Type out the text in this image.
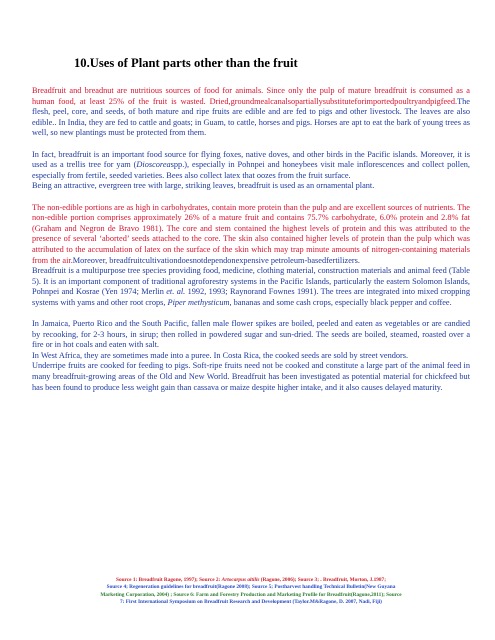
10.Uses of Plant parts other than the fruit

Breadfruit and breadnut are nutritious sources of food for animals. Since only the pulp of mature breadfruit is consumed as a human food, at least 25% of the fruit is wasted. Dried,groundmealcanalsopartiallysubstituteforimportedpoultryandpigfeed.The flesh, peel, core, and seeds, of both mature and ripe fruits are edible and are fed to pigs and other livestock. The leaves are also edible.. In India, they are fed to cattle and goats; in Guam, to cattle, horses and pigs. Horses are apt to eat the bark of young trees as well, so new plantings must be protected from them.

In fact, breadfruit is an important food source for flying foxes, native doves, and other birds in the Pacific islands. Moreover, it is used as a trellis tree for yam (Dioscoreaspp.), especially in Pohnpei and honeybees visit male inflorescences and collect pollen, especially from fertile, seeded varieties. Bees also collect latex that oozes from the fruit surface.

Being an attractive, evergreen tree with large, striking leaves, breadfruit is used as an ornamental plant.

The non-edible portions are as high in carbohydrates, contain more protein than the pulp and are excellent sources of nutrients. The non-edible portion comprises approximately 26% of a mature fruit and contains 75.7% carbohydrate, 6.0% protein and 2.8% fat (Graham and Negron de Bravo 1981). The core and stem contained the highest levels of protein and this was attributed to the presence of several ‘aborted’ seeds attached to the core. The skin also contained higher levels of protein than the pulp which was attributed to the accumulation of latex on the surface of the skin which may trap minute amounts of nitrogen-containing materials from the air.Moreover, breadfruitcultivationdoesnotdependonexpensive petroleum-basedfertilizers.

Breadfruit is a multipurpose tree species providing food, medicine, clothing material, construction materials and animal feed (Table 5). It is an important component of traditional agroforestry systems in the Pacific Islands, particularly the eastern Solomon Islands, Pohnpei and Kosrae (Yen 1974; Merlin et. al. 1992, 1993; Raynorand Fownes 1991). The trees are integrated into mixed cropping systems with yams and other root crops, Piper methysticum, bananas and some cash crops, especially black pepper and coffee.

In Jamaica, Puerto Rico and the South Pacific, fallen male flower spikes are boiled, peeled and eaten as vegetables or are candied by recooking, for 2-3 hours, in sirup; then rolled in powdered sugar and sun-dried. The seeds are boiled, steamed, roasted over a fire or in hot coals and eaten with salt.

In West Africa, they are sometimes made into a puree. In Costa Rica, the cooked seeds are sold by street vendors.

Underripe fruits are cooked for feeding to pigs. Soft-ripe fruits need not be cooked and constitute a large part of the animal feed in many breadfruit-growing areas of the Old and New World. Breadfruit has been investigated as potential material for chickfeed but has been found to produce less weight gain than cassava or maize despite higher intake, and it also causes delayed maturity.

Source 1: Breadfruit Ragone, 1997); Source 2: Artocarpus altilis (Ragone, 2006); Source 3; . Breadfruit, Morton, J.1987;
Source 4; Regeneration guidelines for breadfruit(Ragone 2008); Source 5; Postharvest handling Technical Bulletin(New Guyana
Marketing Corporation, 2004) ; Source 6: Farm and Forestry Production and Marketing Profile for Breadfruit(Ragone,2011); Source
7: First International Symposium on Breadfruit Research and Development (Taylor.M&Ragone, D. 2007, Nadi, Fiji)
